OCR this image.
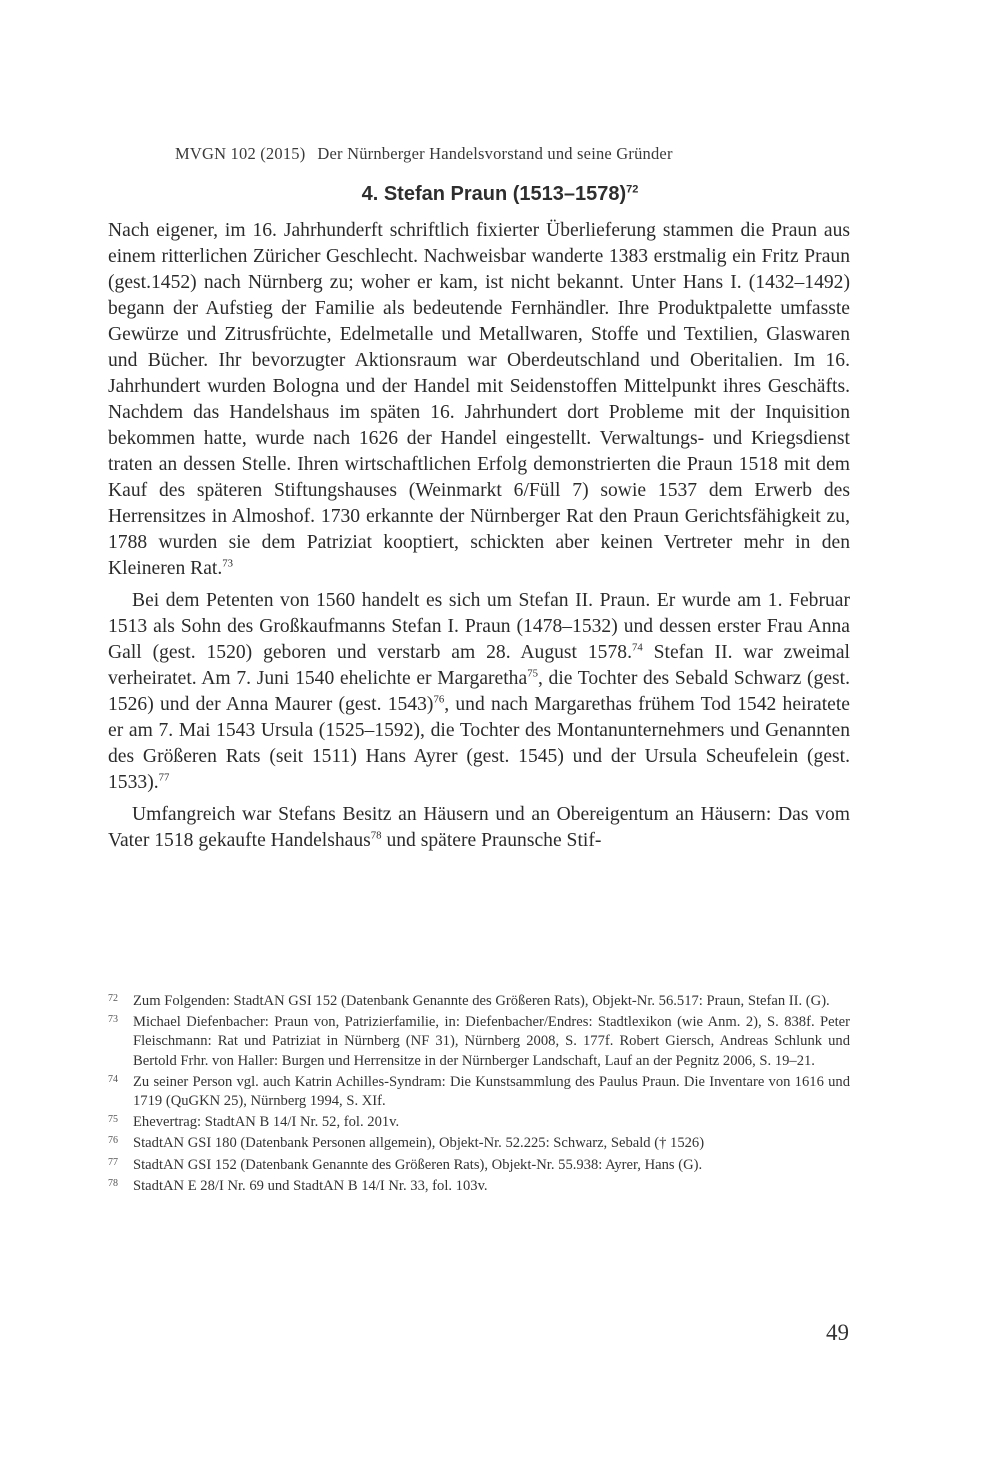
MVGN 102 (2015) Der Nürnberger Handelsvorstand und seine Gründer
4. Stefan Praun (1513–1578)$^{72}$

Nach eigener, im 16. Jahrhunderft schriftlich fixierter Überlieferung stammen die Praun aus einem ritterlichen Züricher Geschlecht. Nachweisbar wanderte 1383 erstmalig ein Fritz Praun (gest.1452) nach Nürnberg zu; woher er kam, ist nicht bekannt. Unter Hans I. (1432–1492) begann der Aufstieg der Familie als bedeutende Fernhändler. Ihre Produktpalette umfasste Gewürze und Zitrusfrüchte, Edelmetalle und Metallwaren, Stoffe und Textilien, Glaswaren und Bücher. Ihr bevorzugter Aktionsraum war Oberdeutschland und Oberitalien. Im 16. Jahrhundert wurden Bologna und der Handel mit Seidenstoffen Mittelpunkt ihres Geschäfts. Nachdem das Handelshaus im späten 16. Jahrhundert dort Probleme mit der Inquisition bekommen hatte, wurde nach 1626 der Handel eingestellt. Verwaltungs- und Kriegsdienst traten an dessen Stelle. Ihren wirtschaftlichen Erfolg demonstrierten die Praun 1518 mit dem Kauf des späteren Stiftungshauses (Weinmarkt 6/Füll 7) sowie 1537 dem Erwerb des Herrensitzes in Almoshof. 1730 erkannte der Nürnberger Rat den Praun Gerichtsfähigkeit zu, 1788 wurden sie dem Patriziat kooptiert, schickten aber keinen Vertreter mehr in den Kleineren Rat.$^{73}$

Bei dem Petenten von 1560 handelt es sich um Stefan II. Praun. Er wurde am 1. Februar 1513 als Sohn des Großkaufmanns Stefan I. Praun (1478–1532) und dessen erster Frau Anna Gall (gest. 1520) geboren und verstarb am 28. August 1578.74 Stefan II. war zweimal verheiratet. Am 7. Juni 1540 ehelichte er Margaretha$^{75}$, die Tochter des Sebald Schwarz (gest. 1526) und der Anna Maurer (gest. 1543)$^{76}$, und nach Margarethas frühem Tod 1542 heiratete er am 7. Mai 1543 Ursula (1525–1592), die Tochter des Montanunternehmers und Genannten des Größeren Rats (seit 1511) Hans Ayrer (gest. 1545) und der Ursula Scheufelein (gest. 1533).$^{77}$

Umfangreich war Stefans Besitz an Häusern und an Obereigentum an Häusern: Das vom Vater 1518 gekaufte Handelshaus$^{78}$ und spätere Praunsche Stif-

72	Zum Folgenden: StadtAN GSI 152 (Datenbank Genannte des Größeren Rats), Objekt-Nr. 56.517: Praun, Stefan II. (G).
73	Michael Diefenbacher: Praun von, Patrizierfamilie, in: Diefenbacher/Endres: Stadtlexikon (wie Anm. 2), S. 838f. Peter Fleischmann: Rat und Patriziat in Nürnberg (NF 31), Nürnberg 2008, S. 177f. Robert Giersch, Andreas Schlunk und Bertold Frhr. von Haller: Burgen und Herrensitze in der Nürnberger Landschaft, Lauf an der Pegnitz 2006, S. 19–21.
74	Zu seiner Person vgl. auch Katrin Achilles-Syndram: Die Kunstsammlung des Paulus Praun. Die Inventare von 1616 und 1719 (QuGKN 25), Nürnberg 1994, S. XIf.
75	Ehevertrag: StadtAN B 14/I Nr. 52, fol. 201v.
76	StadtAN GSI 180 (Datenbank Personen allgemein), Objekt-Nr. 52.225: Schwarz, Sebald († 1526)
77	StadtAN GSI 152 (Datenbank Genannte des Größeren Rats), Objekt-Nr. 55.938: Ayrer, Hans (G).
78	StadtAN E 28/I Nr. 69 und StadtAN B 14/I Nr. 33, fol. 103v.
49
